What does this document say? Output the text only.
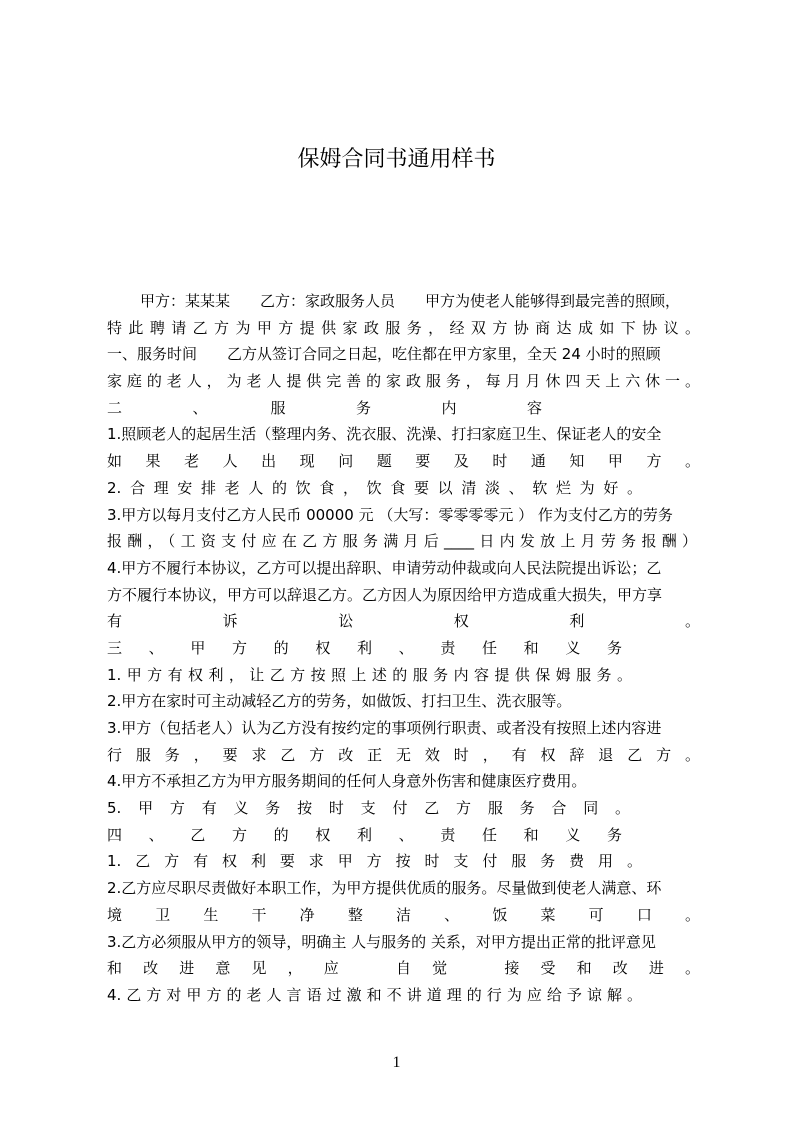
保姆合同书通用样书
甲方：某某某　　乙方：家政服务人员　　甲方为使老人能够得到最完善的照顾，
特此聘请乙方为甲方提供家政服务，经双方协商达成如下协议。
一、服务时间　　乙方从签订合同之日起，吃住都在甲方家里，全天 24 小时的照顾
家庭的老人，为老人提供完善的家政服务，每月月休四天上六休一。
二　、　服　务　内　容
1.照顾老人的起居生活（整理内务、洗衣服、洗澡、打扫家庭卫生、保证老人的安全
如果老人出现问题要及时通知甲方。
2.合理安排老人的饮食，饮食要以清淡、软烂为好。
3.甲方以每月支付乙方人民币 00000 元 （大写：零零零零元 ） 作为支付乙方的劳务
报酬，（工资支付应在乙方服务满月后____日内发放上月劳务报酬）
4.甲方不履行本协议，乙方可以提出辞职、申请劳动仲裁或向人民法院提出诉讼；乙
方不履行本协议，甲方可以辞退乙方。乙方因人为原因给甲方造成重大损失，甲方享
有诉讼权利。
三、甲方的权利、责任和义务
1.甲方有权利，让乙方按照上述的服务内容提供保姆服务。
2.甲方在家时可主动减轻乙方的劳务，如做饭、打扫卫生、洗衣服等。
3.甲方（包括老人）认为乙方没有按约定的事项例行职责、或者没有按照上述内容进
行服务，要求乙方改正无效时，有权辞退乙方。
4.甲方不承担乙方为甲方服务期间的任何人身意外伤害和健康医疗费用。
5.甲方有义务按时支付乙方服务合同。
四、乙方的权利、责任和义务
1.乙方有权利要求甲方按时支付服务费用。
2.乙方应尽职尽责做好本职工作，为甲方提供优质的服务。尽量做到使老人满意、环
境卫生干净整洁、饭菜可口。
3.乙方必须服从甲方的领导，明确主 人与服务的 关系，对甲方提出正常的批评意见
和改进意见，应　自觉　接受和改进。
4.乙方对甲方的老人言语过激和不讲道理的行为应给予谅解。
1
